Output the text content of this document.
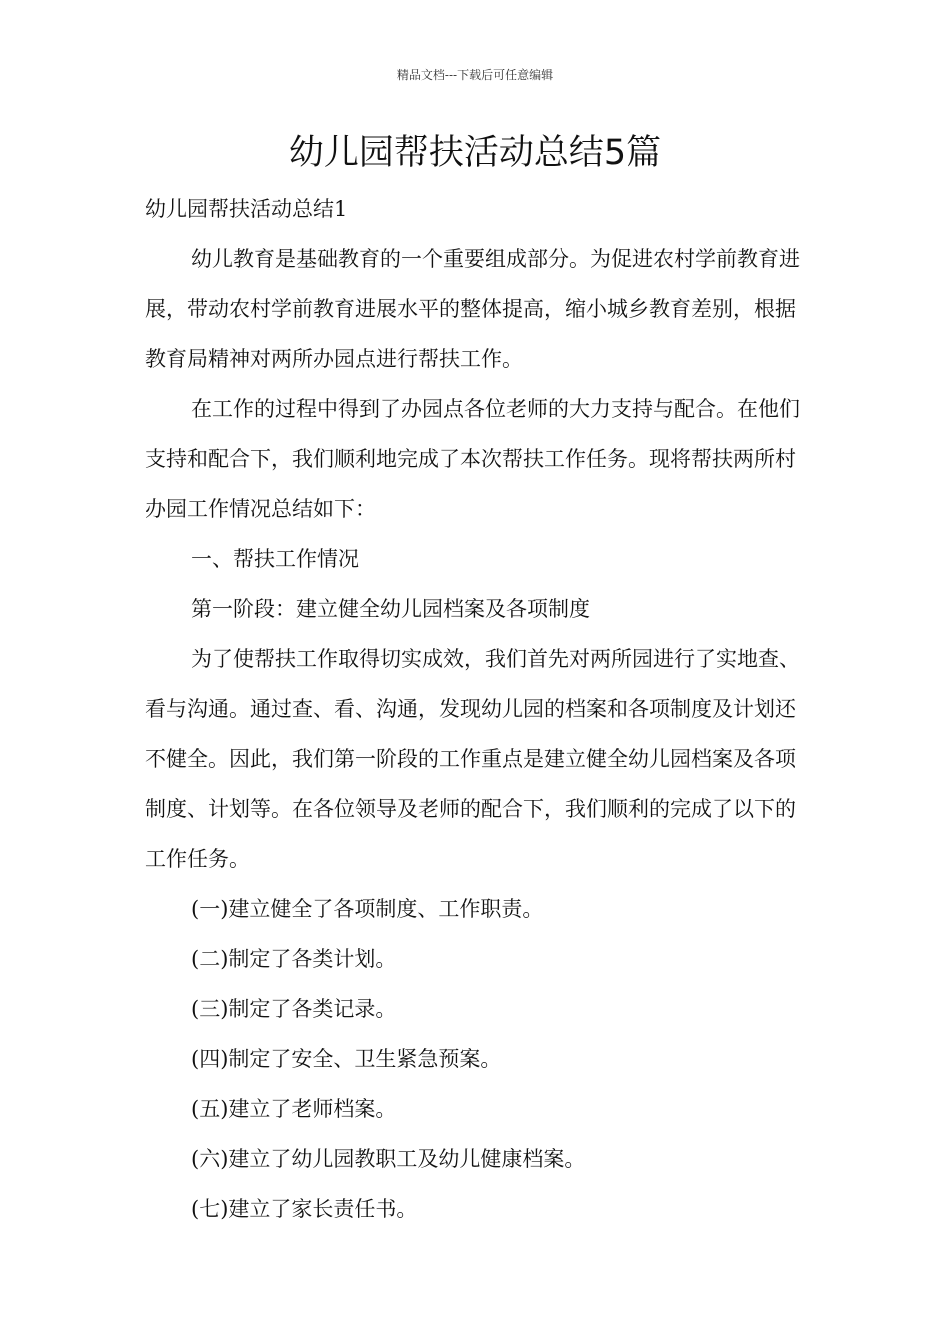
精品文档---下载后可任意编辑
幼儿园帮扶活动总结5篇

幼儿园帮扶活动总结1

幼儿教育是基础教育的一个重要组成部分。为促进农村学前教育进展，带动农村学前教育进展水平的整体提高，缩小城乡教育差别，根据教育局精神对两所办园点进行帮扶工作。

在工作的过程中得到了办园点各位老师的大力支持与配合。在他们支持和配合下，我们顺利地完成了本次帮扶工作任务。现将帮扶两所村办园工作情况总结如下：

一、帮扶工作情况

第一阶段：建立健全幼儿园档案及各项制度

为了使帮扶工作取得切实成效，我们首先对两所园进行了实地查、看与沟通。通过查、看、沟通，发现幼儿园的档案和各项制度及计划还不健全。因此，我们第一阶段的工作重点是建立健全幼儿园档案及各项制度、计划等。在各位领导及老师的配合下，我们顺利的完成了以下的工作任务。

(一)建立健全了各项制度、工作职责。

(二)制定了各类计划。

(三)制定了各类记录。

(四)制定了安全、卫生紧急预案。

(五)建立了老师档案。

(六)建立了幼儿园教职工及幼儿健康档案。

(七)建立了家长责任书。
